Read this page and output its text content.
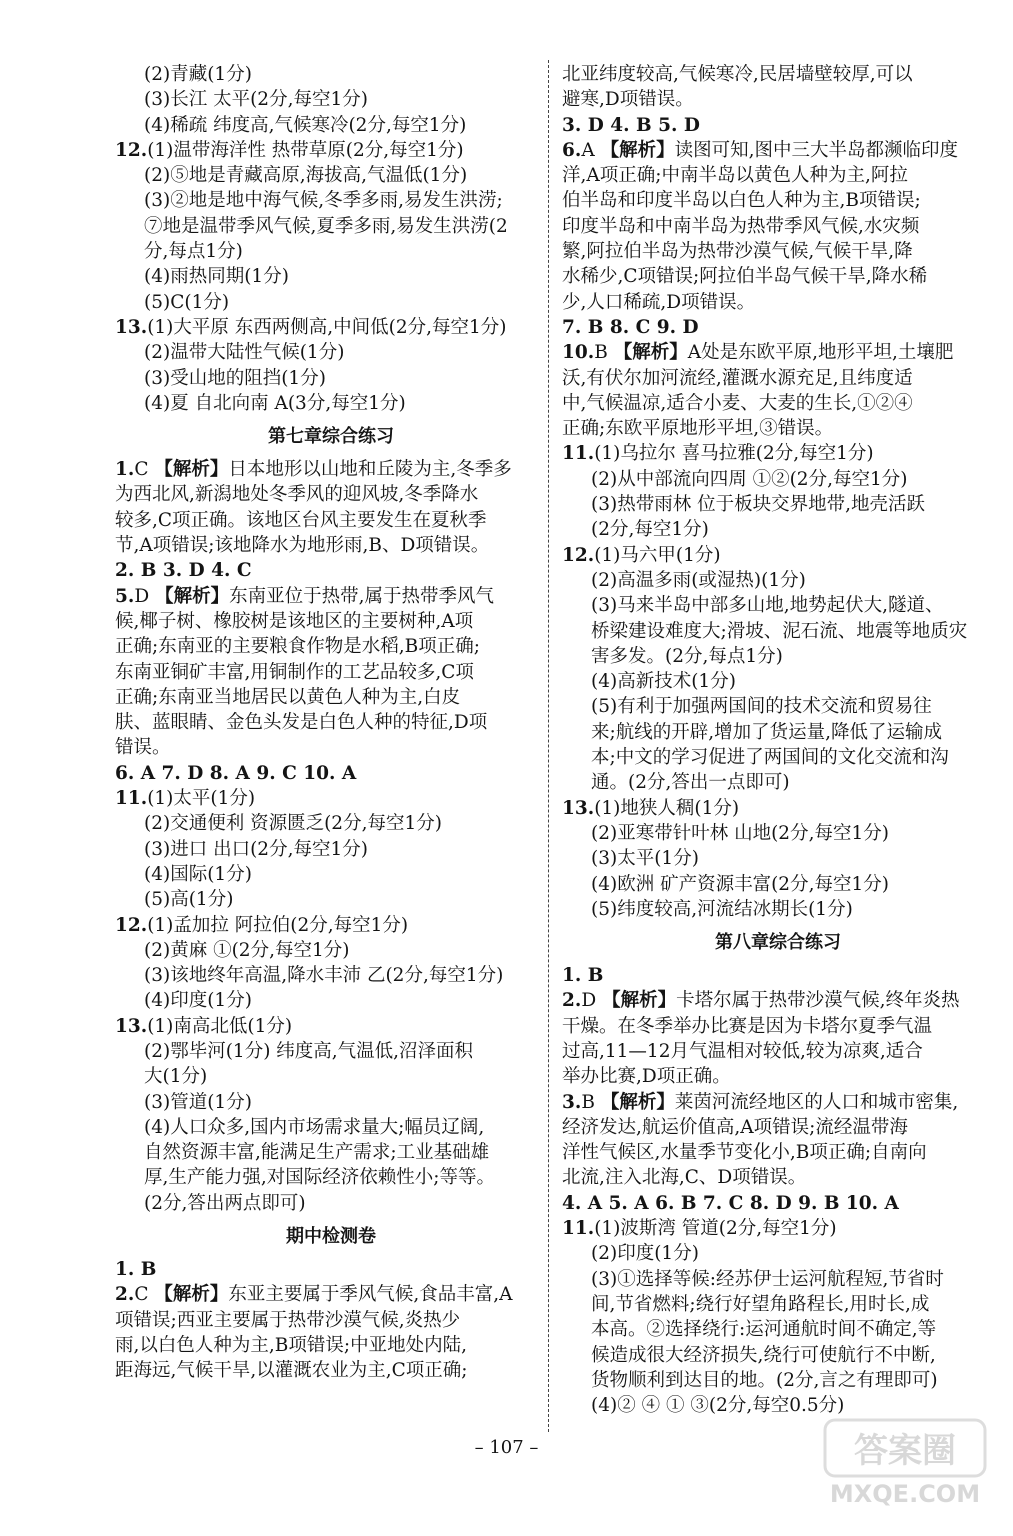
(2)青藏(1分)
(3)长江 太平(2分,每空1分)
(4)稀疏 纬度高,气候寒冷(2分,每空1分)
12.(1)温带海洋性 热带草原(2分,每空1分)
(2)⑤地是青藏高原,海拔高,气温低(1分)
(3)②地是地中海气候,冬季多雨,易发生洪涝;
⑦地是温带季风气候,夏季多雨,易发生洪涝(2
分,每点1分)
(4)雨热同期(1分)
(5)C(1分)
13.(1)大平原 东西两侧高,中间低(2分,每空1分)
(2)温带大陆性气候(1分)
(3)受山地的阻挡(1分)
(4)夏 自北向南 A(3分,每空1分)
第七章综合练习
1.C 【解析】日本地形以山地和丘陵为主,冬季多
为西北风,新潟地处冬季风的迎风坡,冬季降水
较多,C项正确。该地区台风主要发生在夏秋季
节,A项错误;该地降水为地形雨,B、D项错误。
2. B 3. D 4. C
5.D 【解析】东南亚位于热带,属于热带季风气
候,椰子树、橡胶树是该地区的主要树种,A项
正确;东南亚的主要粮食作物是水稻,B项正确;
东南亚铜矿丰富,用铜制作的工艺品较多,C项
正确;东南亚当地居民以黄色人种为主,白皮
肤、蓝眼睛、金色头发是白色人种的特征,D项
错误。
6. A 7. D 8. A 9. C 10. A
11.(1)太平(1分)
(2)交通便利 资源匮乏(2分,每空1分)
(3)进口 出口(2分,每空1分)
(4)国际(1分)
(5)高(1分)
12.(1)孟加拉 阿拉伯(2分,每空1分)
(2)黄麻 ①(2分,每空1分)
(3)该地终年高温,降水丰沛 乙(2分,每空1分)
(4)印度(1分)
13.(1)南高北低(1分)
(2)鄂毕河(1分) 纬度高,气温低,沼泽面积
大(1分)
(3)管道(1分)
(4)人口众多,国内市场需求量大;幅员辽阔,
自然资源丰富,能满足生产需求;工业基础雄
厚,生产能力强,对国际经济依赖性小;等等。
(2分,答出两点即可)
期中检测卷
1. B
2.C 【解析】东亚主要属于季风气候,食品丰富,A
项错误;西亚主要属于热带沙漠气候,炎热少
雨,以白色人种为主,B项错误;中亚地处内陆,
距海远,气候干旱,以灌溉农业为主,C项正确;
北亚纬度较高,气候寒冷,民居墙壁较厚,可以
避寒,D项错误。
3. D 4. B 5. D
6.A 【解析】读图可知,图中三大半岛都濒临印度
洋,A项正确;中南半岛以黄色人种为主,阿拉
伯半岛和印度半岛以白色人种为主,B项错误;
印度半岛和中南半岛为热带季风气候,水灾频
繁,阿拉伯半岛为热带沙漠气候,气候干旱,降
水稀少,C项错误;阿拉伯半岛气候干旱,降水稀
少,人口稀疏,D项错误。
7. B 8. C 9. D
10.B 【解析】A处是东欧平原,地形平坦,土壤肥
沃,有伏尔加河流经,灌溉水源充足,且纬度适
中,气候温凉,适合小麦、大麦的生长,①②④
正确;东欧平原地形平坦,③错误。
11.(1)乌拉尔 喜马拉雅(2分,每空1分)
(2)从中部流向四周 ①②(2分,每空1分)
(3)热带雨林 位于板块交界地带,地壳活跃
(2分,每空1分)
12.(1)马六甲(1分)
(2)高温多雨(或湿热)(1分)
(3)马来半岛中部多山地,地势起伏大,隧道、
桥梁建设难度大;滑坡、泥石流、地震等地质灾
害多发。(2分,每点1分)
(4)高新技术(1分)
(5)有利于加强两国间的技术交流和贸易往
来;航线的开辟,增加了货运量,降低了运输成
本;中文的学习促进了两国间的文化交流和沟
通。(2分,答出一点即可)
13.(1)地狭人稠(1分)
(2)亚寒带针叶林 山地(2分,每空1分)
(3)太平(1分)
(4)欧洲 矿产资源丰富(2分,每空1分)
(5)纬度较高,河流结冰期长(1分)
第八章综合练习
1. B
2.D 【解析】卡塔尔属于热带沙漠气候,终年炎热
干燥。在冬季举办比赛是因为卡塔尔夏季气温
过高,11—12月气温相对较低,较为凉爽,适合
举办比赛,D项正确。
3.B 【解析】莱茵河流经地区的人口和城市密集,
经济发达,航运价值高,A项错误;流经温带海
洋性气候区,水量季节变化小,B项正确;自南向
北流,注入北海,C、D项错误。
4. A 5. A 6. B 7. C 8. D 9. B 10. A
11.(1)波斯湾 管道(2分,每空1分)
(2)印度(1分)
(3)①选择等候:经苏伊士运河航程短,节省时
间,节省燃料;绕行好望角路程长,用时长,成
本高。②选择绕行:运河通航时间不确定,等
候造成很大经济损失,绕行可使航行不中断,
货物顺利到达目的地。(2分,言之有理即可)
(4)② ④ ① ③(2分,每空0.5分)
– 107 –	答案圈
MXQE.COM
